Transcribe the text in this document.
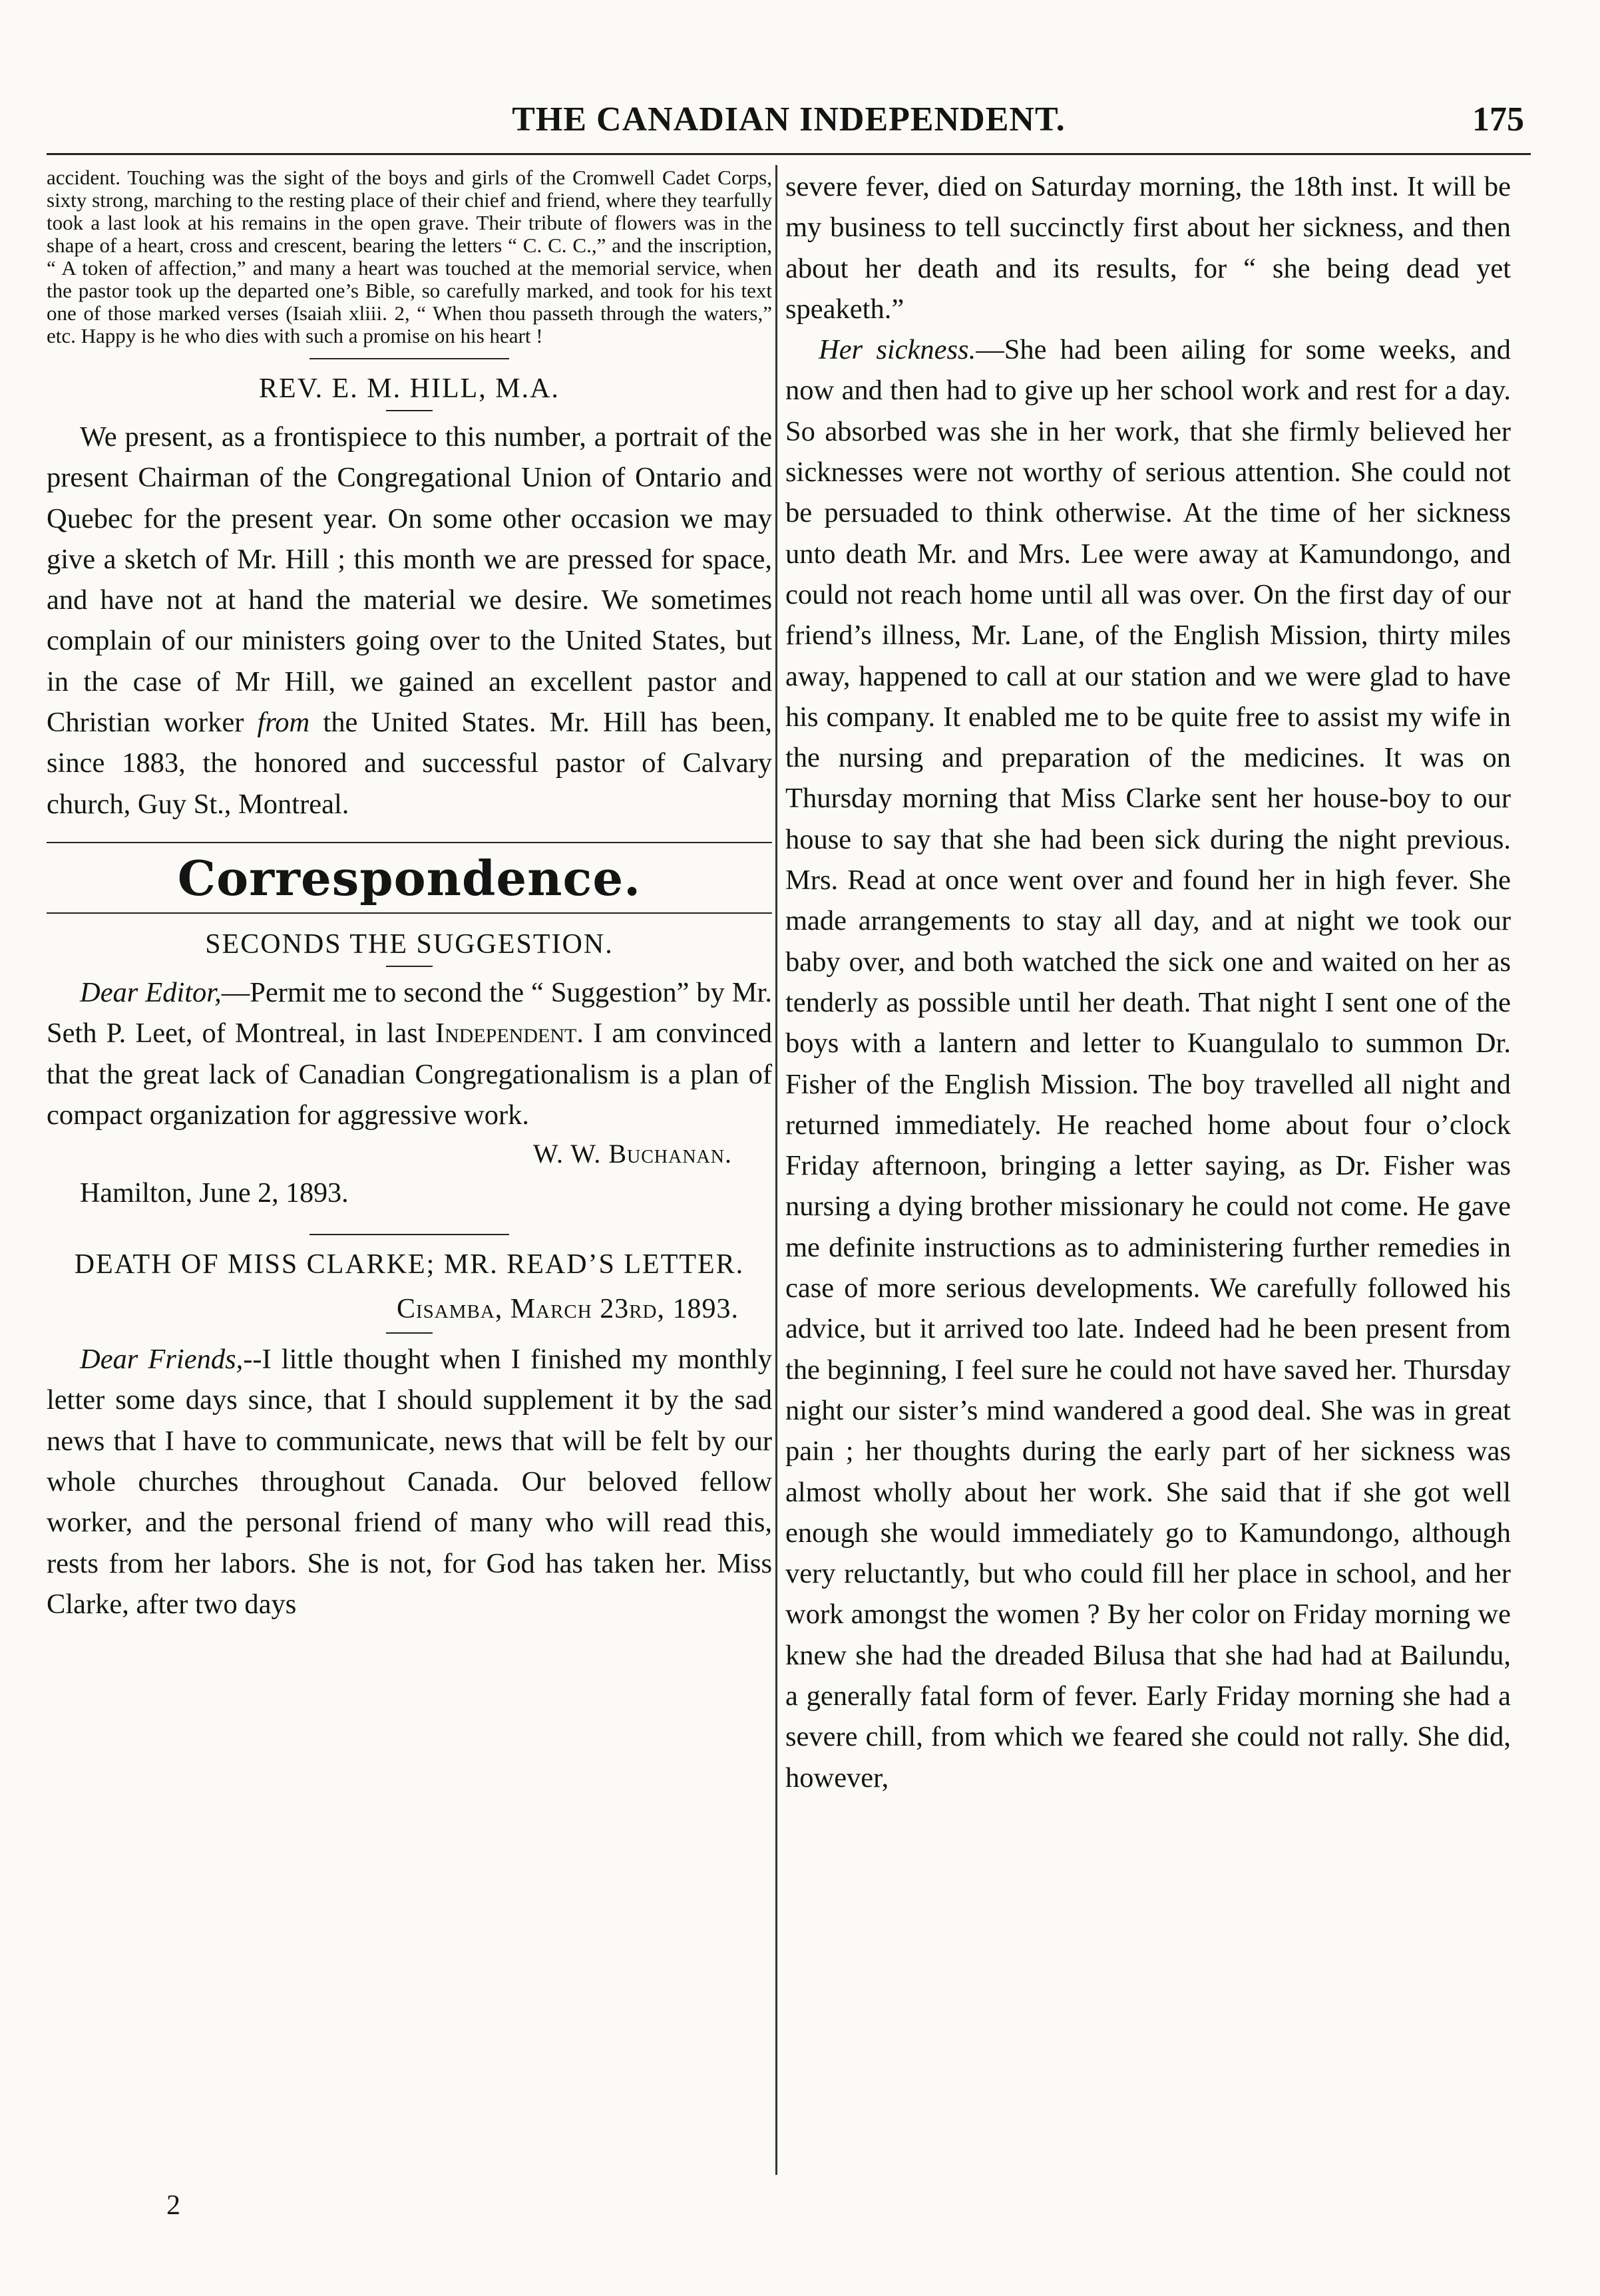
THE CANADIAN INDEPENDENT.	175

accident. Touching was the sight of the boys and girls of the Cromwell Cadet Corps, sixty strong, marching to the resting place of their chief and friend, where they tearfully took a last look at his remains in the open grave. Their tribute of flowers was in the shape of a heart, cross and crescent, bearing the letters “ C. C. C.,” and the inscription, “ A token of affection,” and many a heart was touched at the memorial service, when the pastor took up the departed one’s Bible, so carefully marked, and took for his text one of those marked verses (Isaiah xliii. 2, “ When thou passeth through the waters,” etc. Happy is he who dies with such a promise on his heart !

REV. E. M. HILL, M.A.

We present, as a frontispiece to this number, a portrait of the present Chairman of the Congregational Union of Ontario and Quebec for the present year. On some other occasion we may give a sketch of Mr. Hill ; this month we are pressed for space, and have not at hand the material we desire. We sometimes complain of our ministers going over to the United States, but in the case of Mr Hill, we gained an excellent pastor and Christian worker from the United States. Mr. Hill has been, since 1883, the honored and successful pastor of Calvary church, Guy St., Montreal.

Correspondence.

SECONDS THE SUGGESTION.

Dear Editor,—Permit me to second the “ Suggestion” by Mr. Seth P. Leet, of Montreal, in last Independent. I am convinced that the great lack of Canadian Congregationalism is a plan of compact organization for aggressive work.

W. W. Buchanan.

Hamilton, June 2, 1893.

DEATH OF MISS CLARKE; MR. READ’S LETTER.

Cisamba, March 23rd, 1893.

Dear Friends,--I little thought when I finished my monthly letter some days since, that I should supplement it by the sad news that I have to communicate, news that will be felt by our whole churches throughout Canada. Our beloved fellow worker, and the personal friend of many who will read this, rests from her labors. She is not, for God has taken her. Miss Clarke, after two days

severe fever, died on Saturday morning, the 18th inst. It will be my business to tell succinctly first about her sickness, and then about her death and its results, for “ she being dead yet speaketh.”

Her sickness.—She had been ailing for some weeks, and now and then had to give up her school work and rest for a day. So absorbed was she in her work, that she firmly believed her sicknesses were not worthy of serious attention. She could not be persuaded to think otherwise. At the time of her sickness unto death Mr. and Mrs. Lee were away at Kamundongo, and could not reach home until all was over. On the first day of our friend’s illness, Mr. Lane, of the English Mission, thirty miles away, happened to call at our station and we were glad to have his company. It enabled me to be quite free to assist my wife in the nursing and preparation of the medicines. It was on Thursday morning that Miss Clarke sent her house-boy to our house to say that she had been sick during the night previous. Mrs. Read at once went over and found her in high fever. She made arrangements to stay all day, and at night we took our baby over, and both watched the sick one and waited on her as tenderly as possible until her death. That night I sent one of the boys with a lantern and letter to Kuangulalo to summon Dr. Fisher of the English Mission. The boy travelled all night and returned immediately. He reached home about four o’clock Friday afternoon, bringing a letter saying, as Dr. Fisher was nursing a dying brother missionary he could not come. He gave me definite instructions as to administering further remedies in case of more serious developments. We carefully followed his advice, but it arrived too late. Indeed had he been present from the beginning, I feel sure he could not have saved her. Thursday night our sister’s mind wandered a good deal. She was in great pain ; her thoughts during the early part of her sickness was almost wholly about her work. She said that if she got well enough she would immediately go to Kamundongo, although very reluctantly, but who could fill her place in school, and her work amongst the women ? By her color on Friday morning we knew she had the dreaded Bilusa that she had had at Bailundu, a generally fatal form of fever. Early Friday morning she had a severe chill, from which we feared she could not rally. She did, however,

2
